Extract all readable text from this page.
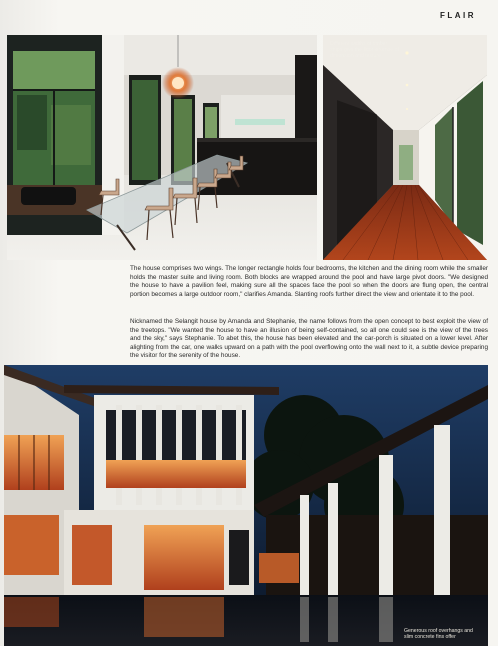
FLAIR
Different widths of timber strips give the floor a sense of dimension and texture

The house comprises two wings. The longer rectangle holds four bedrooms, the kitchen and the dining room while the smaller holds the master suite and living room. Both blocks are wrapped around the pool and have large pivot doors. "We designed the house to have a pavilion feel, making sure all the spaces face the pool so when the doors are flung open, the central portion becomes a large outdoor room," clarifies Amanda. Slanting roofs further direct the view and orientate it to the pool.

Nicknamed the Selangit house by Amanda and Stephanie, the name follows from the open concept to best exploit the view of the treetops. "We wanted the house to have an illusion of being self-contained, so all one could see is the view of the trees and the sky," says Stephanie. To abet this, the house has been elevated and the car-porch is situated on a lower level. After alighting from the car, one walks upward on a path with the pool overflowing onto the wall next to it, a subtle device preparing the visitor for the serenity of the house.

Generous roof overhangs and slim concrete fins offer
